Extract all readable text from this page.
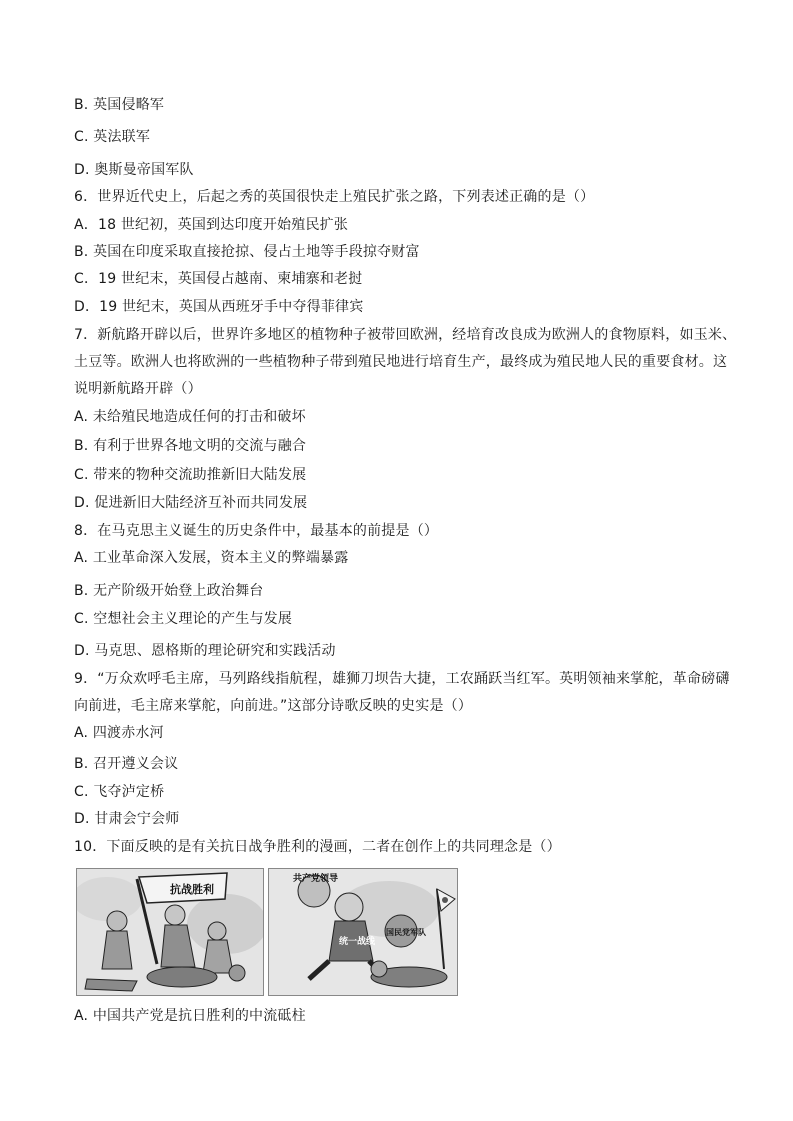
B. 英国侵略军
C. 英法联军
D. 奥斯曼帝国军队
6．世界近代史上，后起之秀的英国很快走上殖民扩张之路，下列表述正确的是（）
A．18 世纪初，英国到达印度开始殖民扩张
B. 英国在印度采取直接抢掠、侵占土地等手段掠夺财富
C．19 世纪末，英国侵占越南、柬埔寨和老挝
D．19 世纪末，英国从西班牙手中夺得菲律宾
7．新航路开辟以后，世界许多地区的植物种子被带回欧洲，经培育改良成为欧洲人的食物原料，如玉米、
土豆等。欧洲人也将欧洲的一些植物种子带到殖民地进行培育生产，最终成为殖民地人民的重要食材。这
说明新航路开辟（）
A. 未给殖民地造成任何的打击和破坏
B. 有利于世界各地文明的交流与融合
C. 带来的物种交流助推新旧大陆发展
D. 促进新旧大陆经济互补而共同发展
8．在马克思主义诞生的历史条件中，最基本的前提是（）
A. 工业革命深入发展，资本主义的弊端暴露
B. 无产阶级开始登上政治舞台
C. 空想社会主义理论的产生与发展
D. 马克思、恩格斯的理论研究和实践活动
9．“万众欢呼毛主席，马列路线指航程，雄狮刀坝告大捷，工农踊跃当红军。英明领袖来掌舵，革命磅礴
向前进，毛主席来掌舵，向前进。”这部分诗歌反映的史实是（）
A. 四渡赤水河
B. 召开遵义会议
C. 飞夺泸定桥
D. 甘肃会宁会师
10．下面反映的是有关抗日战争胜利的漫画，二者在创作上的共同理念是（）
抗战胜利
共产党领导
统一战线
国民党军队
A. 中国共产党是抗日胜利的中流砥柱
